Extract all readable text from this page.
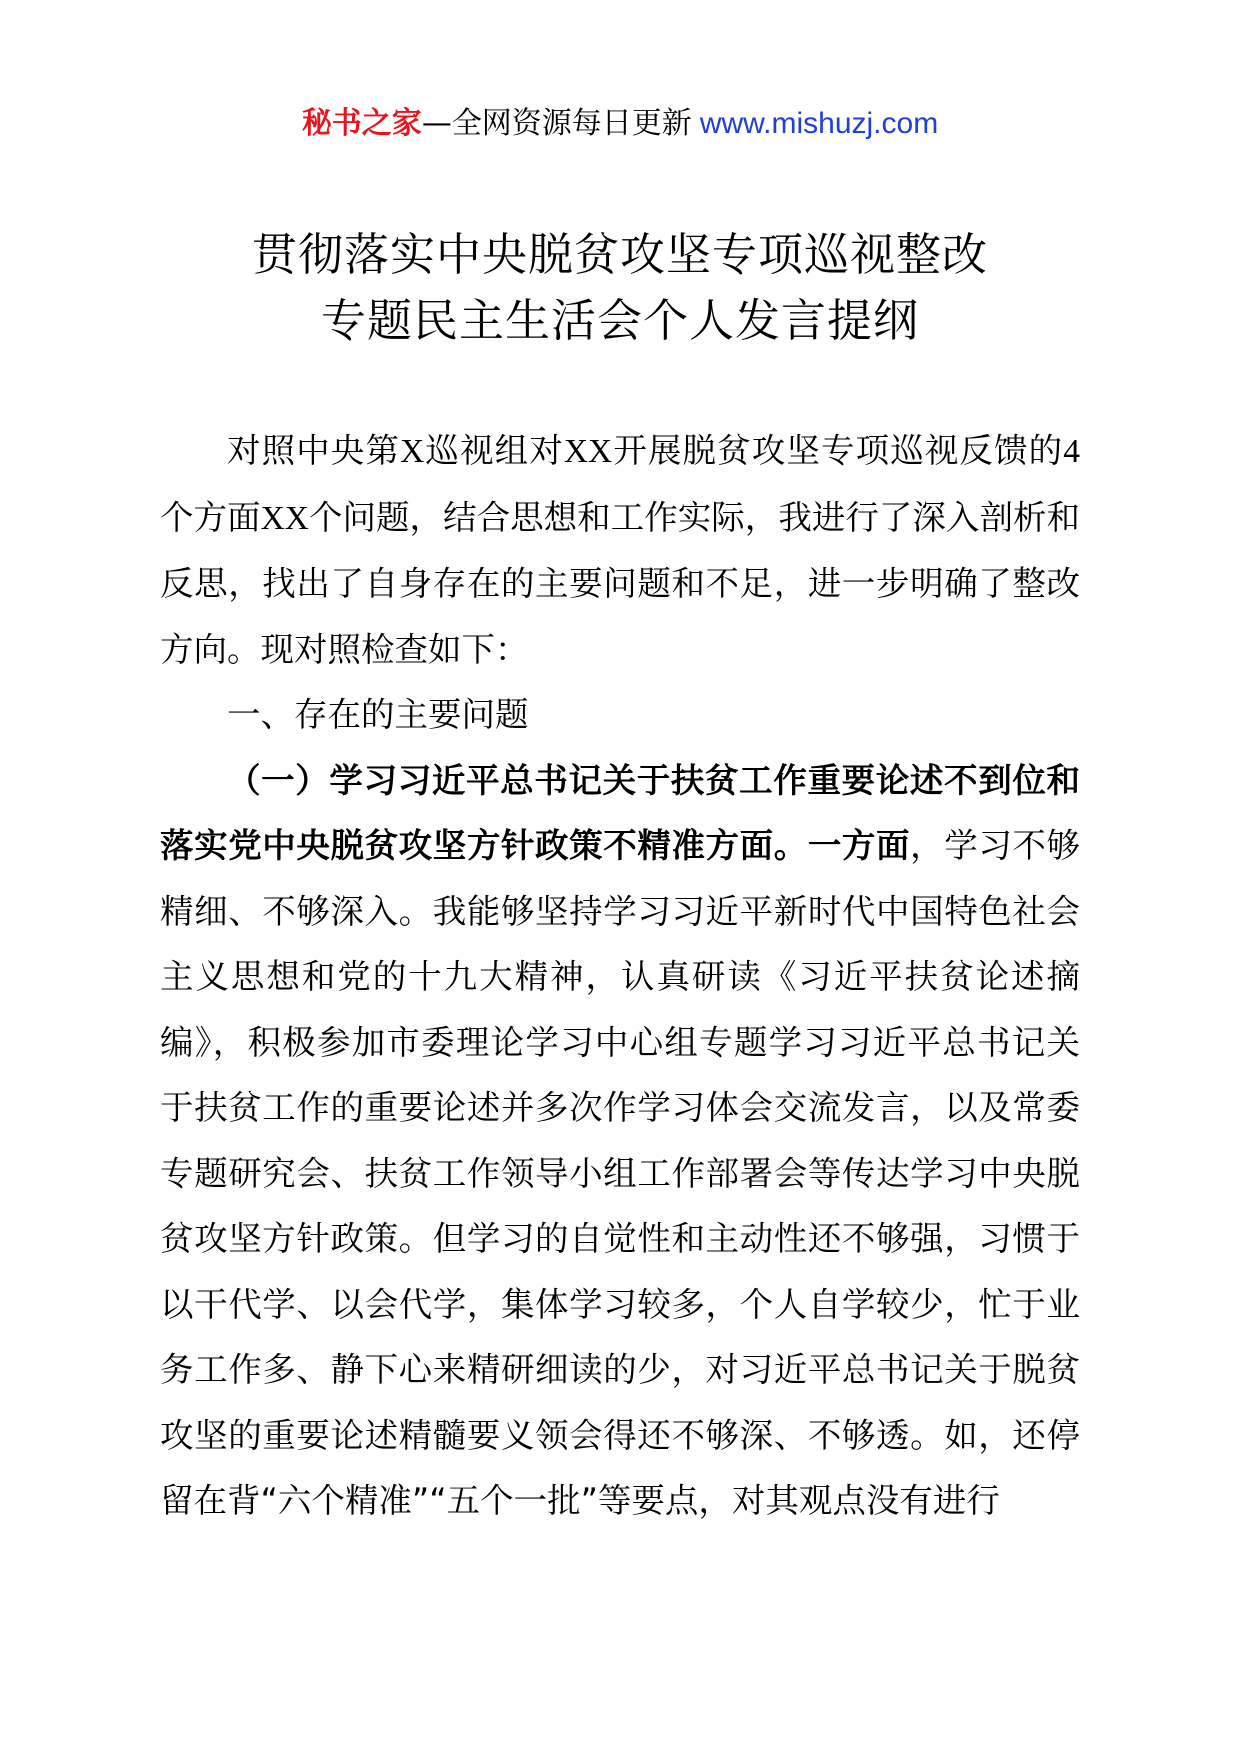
秘书之家—全网资源每日更新 www.mishuzj.com
贯彻落实中央脱贫攻坚专项巡视整改
专题民主生活会个人发言提纲

对照中央第X巡视组对XX开展脱贫攻坚专项巡视反馈的4个方面XX个问题，结合思想和工作实际，我进行了深入剖析和反思，找出了自身存在的主要问题和不足，进一步明确了整改方向。现对照检查如下：

一、存在的主要问题

（一）学习习近平总书记关于扶贫工作重要论述不到位和落实党中央脱贫攻坚方针政策不精准方面。一方面，学习不够精细、不够深入。我能够坚持学习习近平新时代中国特色社会主义思想和党的十九大精神，认真研读《习近平扶贫论述摘编》，积极参加市委理论学习中心组专题学习习近平总书记关于扶贫工作的重要论述并多次作学习体会交流发言，以及常委专题研究会、扶贫工作领导小组工作部署会等传达学习中央脱贫攻坚方针政策。但学习的自觉性和主动性还不够强，习惯于以干代学、以会代学，集体学习较多，个人自学较少，忙于业务工作多、静下心来精研细读的少，对习近平总书记关于脱贫攻坚的重要论述精髓要义领会得还不够深、不够透。如，还停留在背“六个精准”“五个一批”等要点，对其观点没有进行
